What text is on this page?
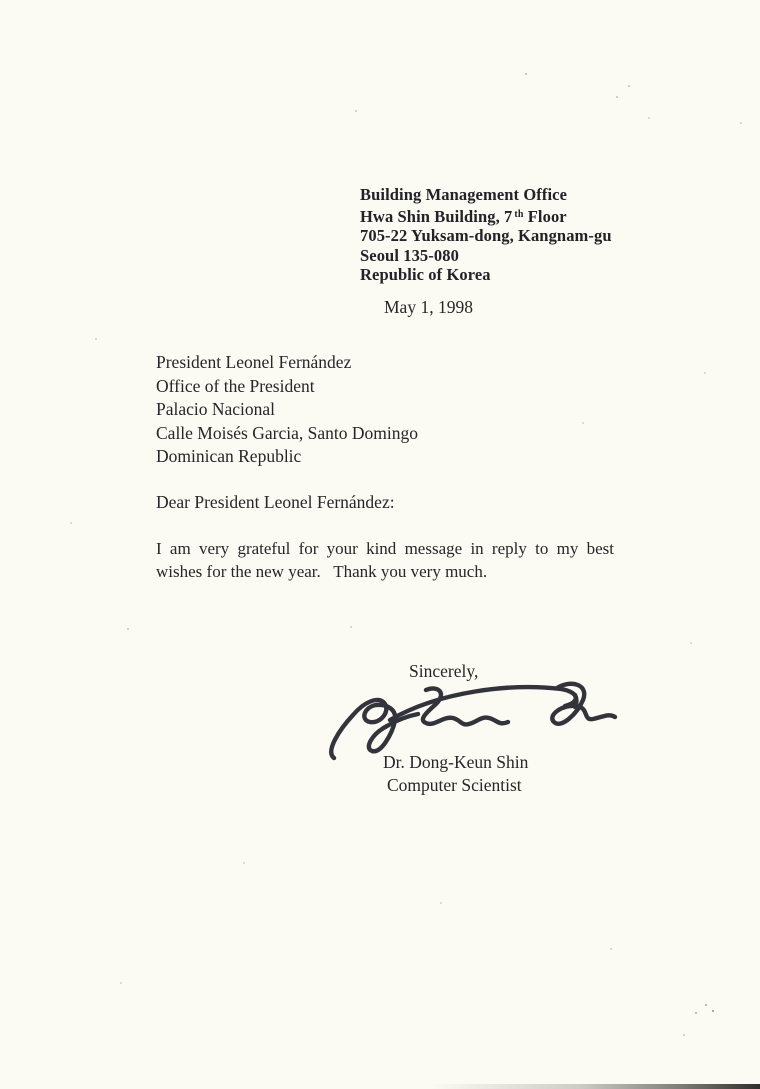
Building Management Office
Hwa Shin Building, 7 $^{th}$ Floor
705-22 Yuksam-dong, Kangnam-gu
Seoul 135-080
Republic of Korea
May 1, 1998
President Leonel Fernández
Office of the President
Palacio Nacional
Calle Moisés Garcia, Santo Domingo
Dominican Republic
Dear President Leonel Fernández:
I am very grateful for your kind message in reply to my best
wishes for the new year.   Thank you very much.
Sincerely,
Dr. Dong-Keun Shin
Computer Scientist
